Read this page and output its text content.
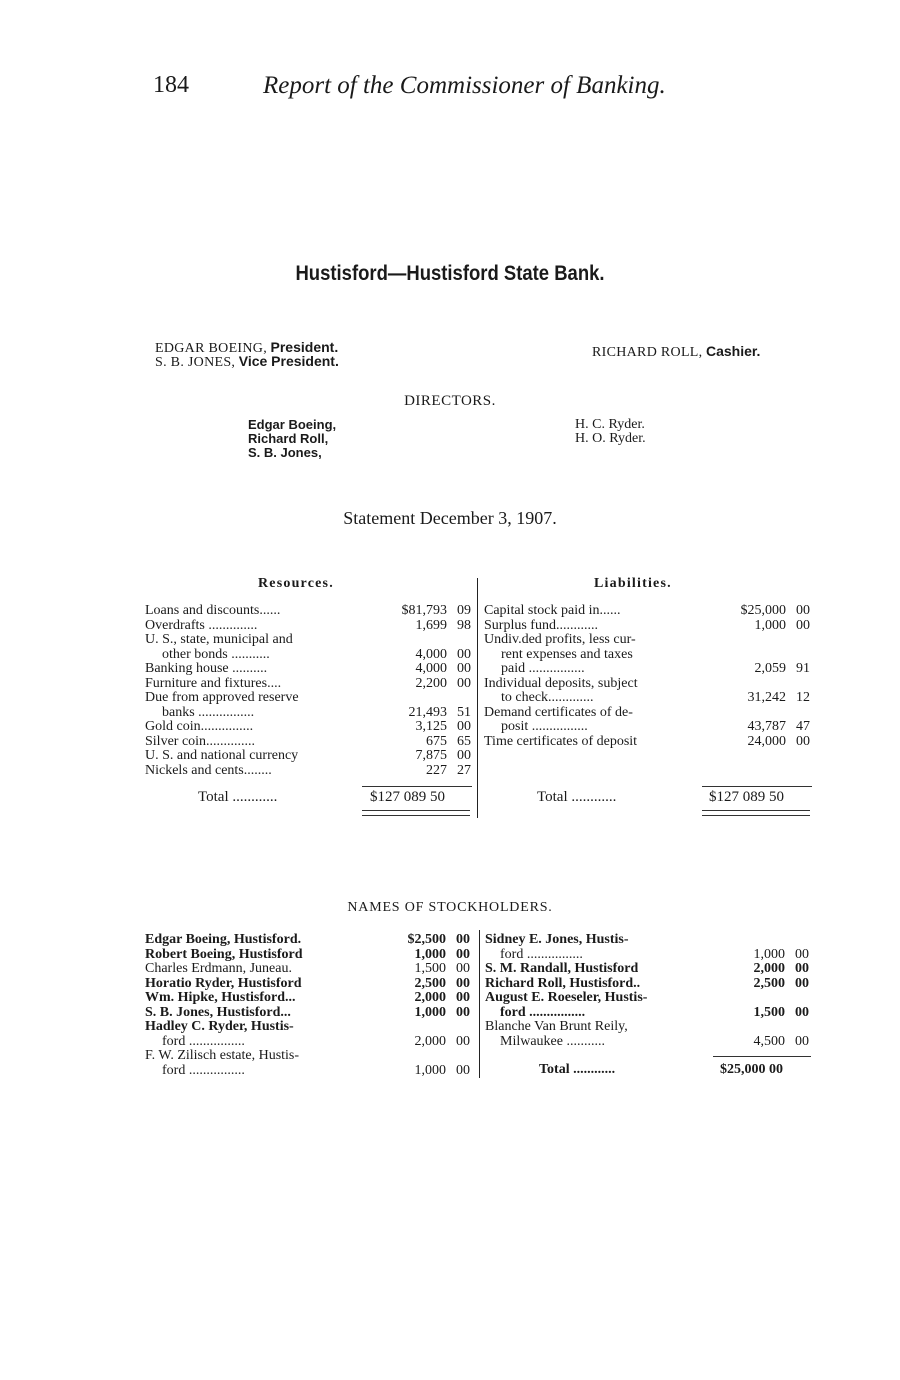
184	Report of the Commissioner of Banking.
Hustisford—Hustisford State Bank.
EDGAR BOEING, President.
S. B. JONES, Vice President.
RICHARD ROLL, Cashier.
DIRECTORS.
Edgar Boeing,
Richard Roll,
S. B. Jones,
H. C. Ryder.
H. O. Ryder.
Statement December 3, 1907.
Resources.	Liabilities.
Loans and discounts......	$81,793 09
Overdrafts ..............	1,699 98
U. S., state, municipal and
other bonds ...........	4,000 00
Banking house ..........	4,000 00
Furniture and fixtures....	2,200 00
Due from approved reserve
banks ................	21,493 51
Gold coin...............	3,125 00
Silver coin..............	675 65
U. S. and national currency	7,875 00
Nickels and cents........	227 27
Capital stock paid in......	$25,000 00
Surplus fund............	1,000 00
Undiv.ded profits, less cur-
rent expenses and taxes
paid ................	2,059 91
Individual deposits, subject
to check.............	31,242 12
Demand certificates of de-
posit ................	43,787 47
Time certificates of deposit	24,000 00
Total ............	$127 089 50	Total ............	$127 089 50
NAMES OF STOCKHOLDERS.
Edgar Boeing, Hustisford.	$2,500 00
Robert Boeing, Hustisford	1,000 00
Charles Erdmann, Juneau.	1,500 00
Horatio Ryder, Hustisford	2,500 00
Wm. Hipke, Hustisford...	2,000 00
S. B. Jones, Hustisford...	1,000 00
Hadley C. Ryder, Hustis-
ford ................	2,000 00
F. W. Zilisch estate, Hustis-
ford ................	1,000 00
Sidney E. Jones, Hustis-
ford ................	1,000 00
S. M. Randall, Hustisford	2,000 00
Richard Roll, Hustisford..	2,500 00
August E. Roeseler, Hustis-
ford ................	1,500 00
Blanche Van Brunt Reily,
Milwaukee ...........	4,500 00
Total ............	$25,000 00
